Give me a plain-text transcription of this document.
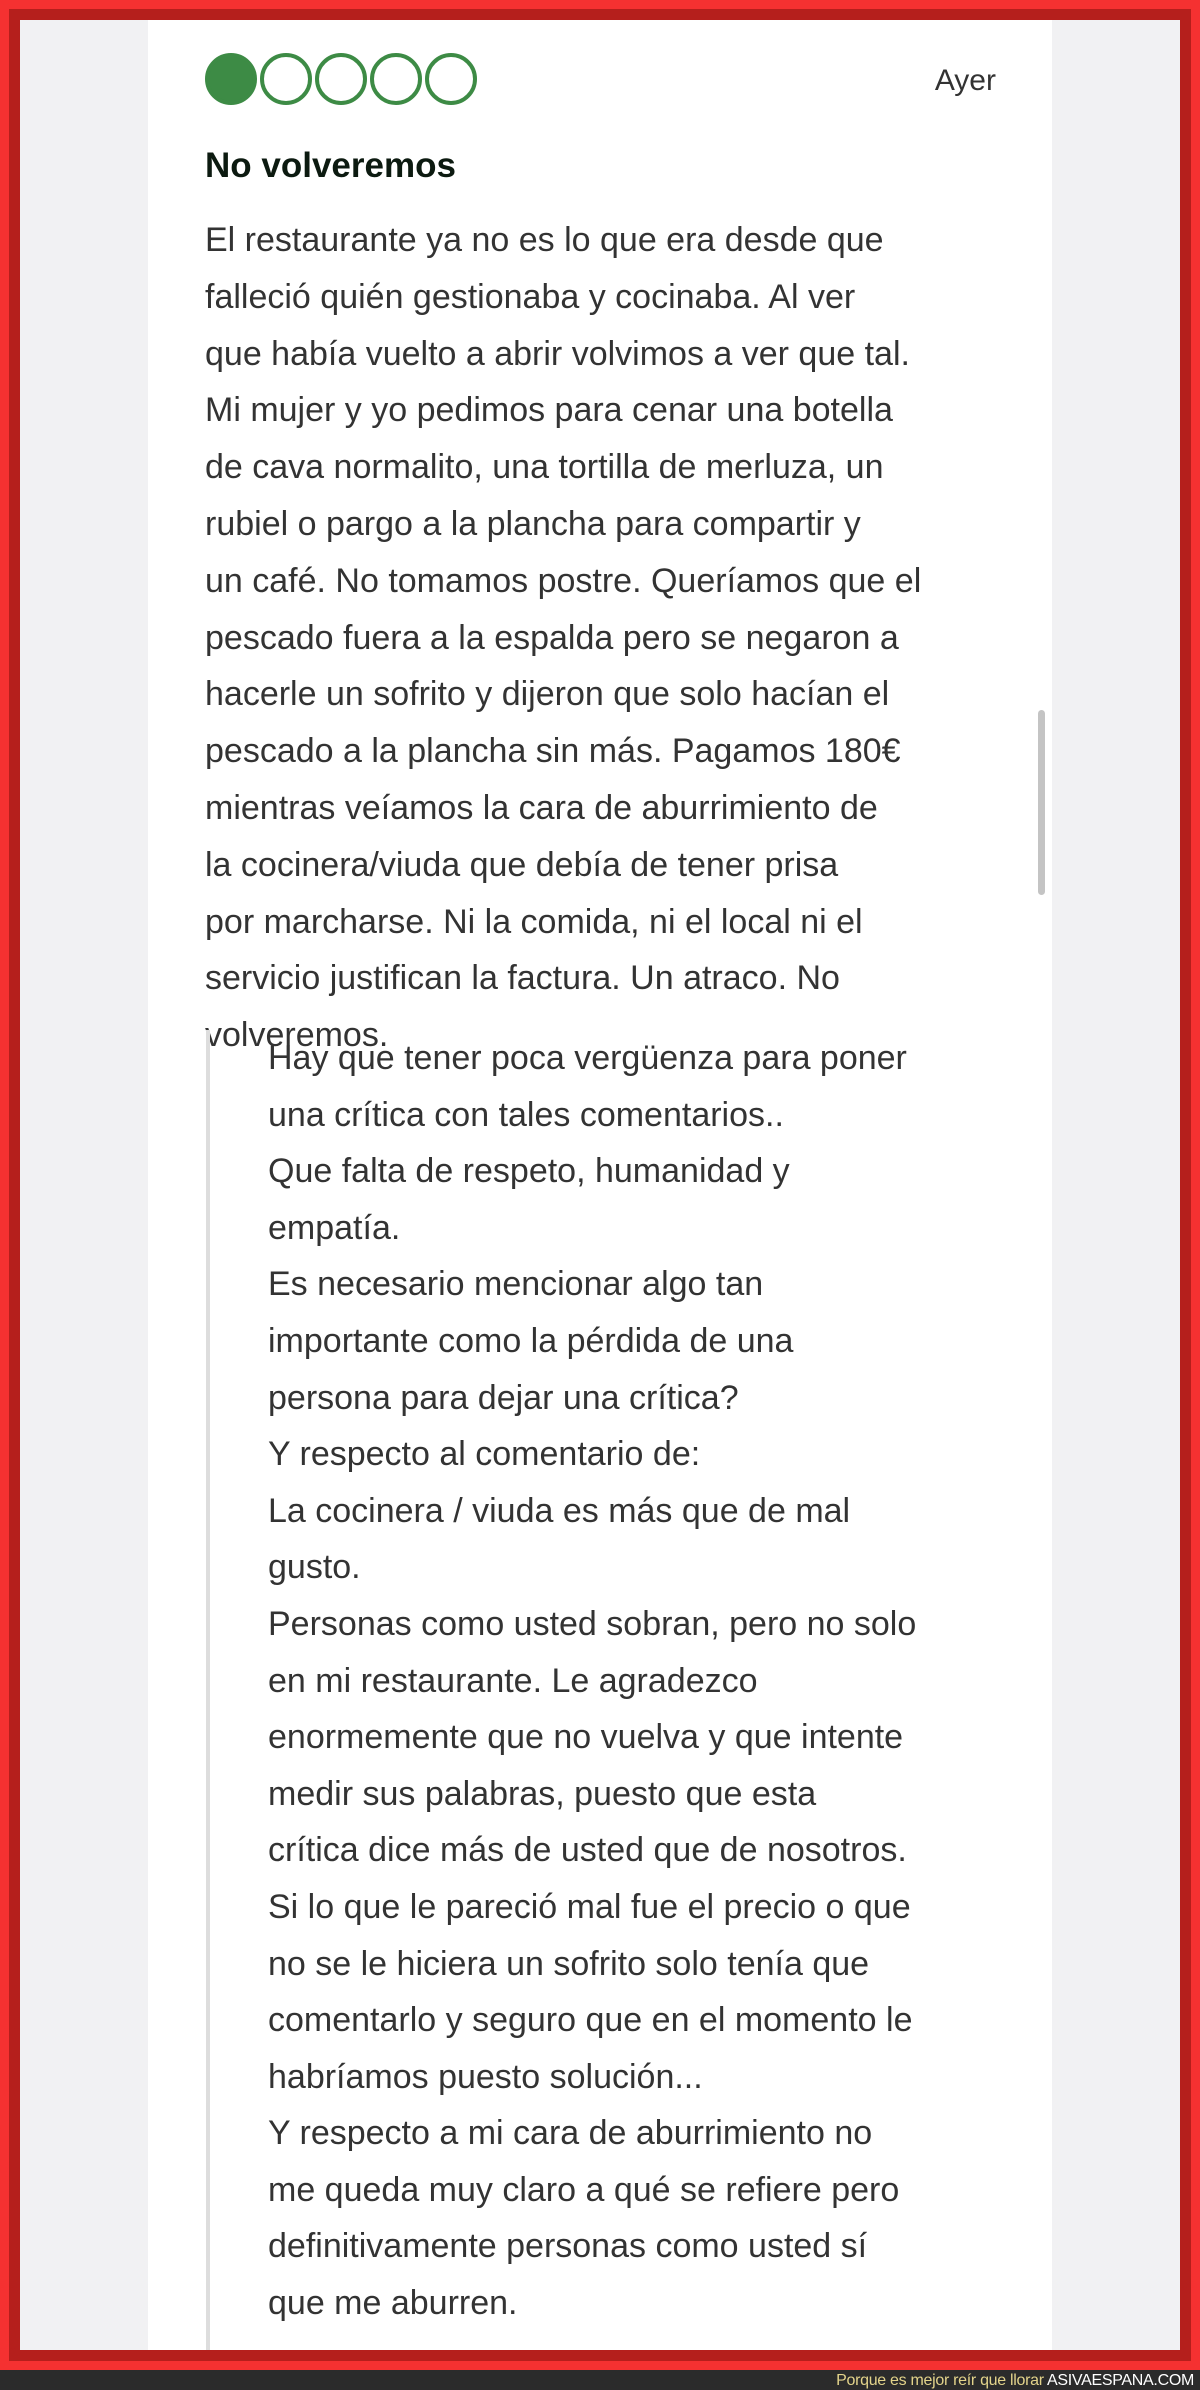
Ayer
No volveremos
El restaurante ya no es lo que era desde que
falleció quién gestionaba y cocinaba. Al ver
que había vuelto a abrir volvimos a ver que tal.
Mi mujer y yo pedimos para cenar una botella
de cava normalito, una tortilla de merluza, un
rubiel o pargo a la plancha para compartir y
un café. No tomamos postre. Queríamos que el
pescado fuera a la espalda pero se negaron a
hacerle un sofrito y dijeron que solo hacían el
pescado a la plancha sin más. Pagamos 180€
mientras veíamos la cara de aburrimiento de
la cocinera/viuda que debía de tener prisa
por marcharse. Ni la comida, ni el local ni el
servicio justifican la factura. Un atraco. No
volveremos.
Hay que tener poca vergüenza para poner
una crítica con tales comentarios..
Que falta de respeto, humanidad y
empatía.
Es necesario mencionar algo tan
importante como la pérdida de una
persona para dejar una crítica?
Y respecto al comentario de:
La cocinera / viuda es más que de mal
gusto.
Personas como usted sobran, pero no solo
en mi restaurante. Le agradezco
enormemente que no vuelva y que intente
medir sus palabras, puesto que esta
crítica dice más de usted que de nosotros.
Si lo que le pareció mal fue el precio o que
no se le hiciera un sofrito solo tenía que
comentarlo y seguro que en el momento le
habríamos puesto solución...
Y respecto a mi cara de aburrimiento no
me queda muy claro a qué se refiere pero
definitivamente personas como usted sí
que me aburren.
Porque es mejor reír que llorar ASIVAESPANA.COM
